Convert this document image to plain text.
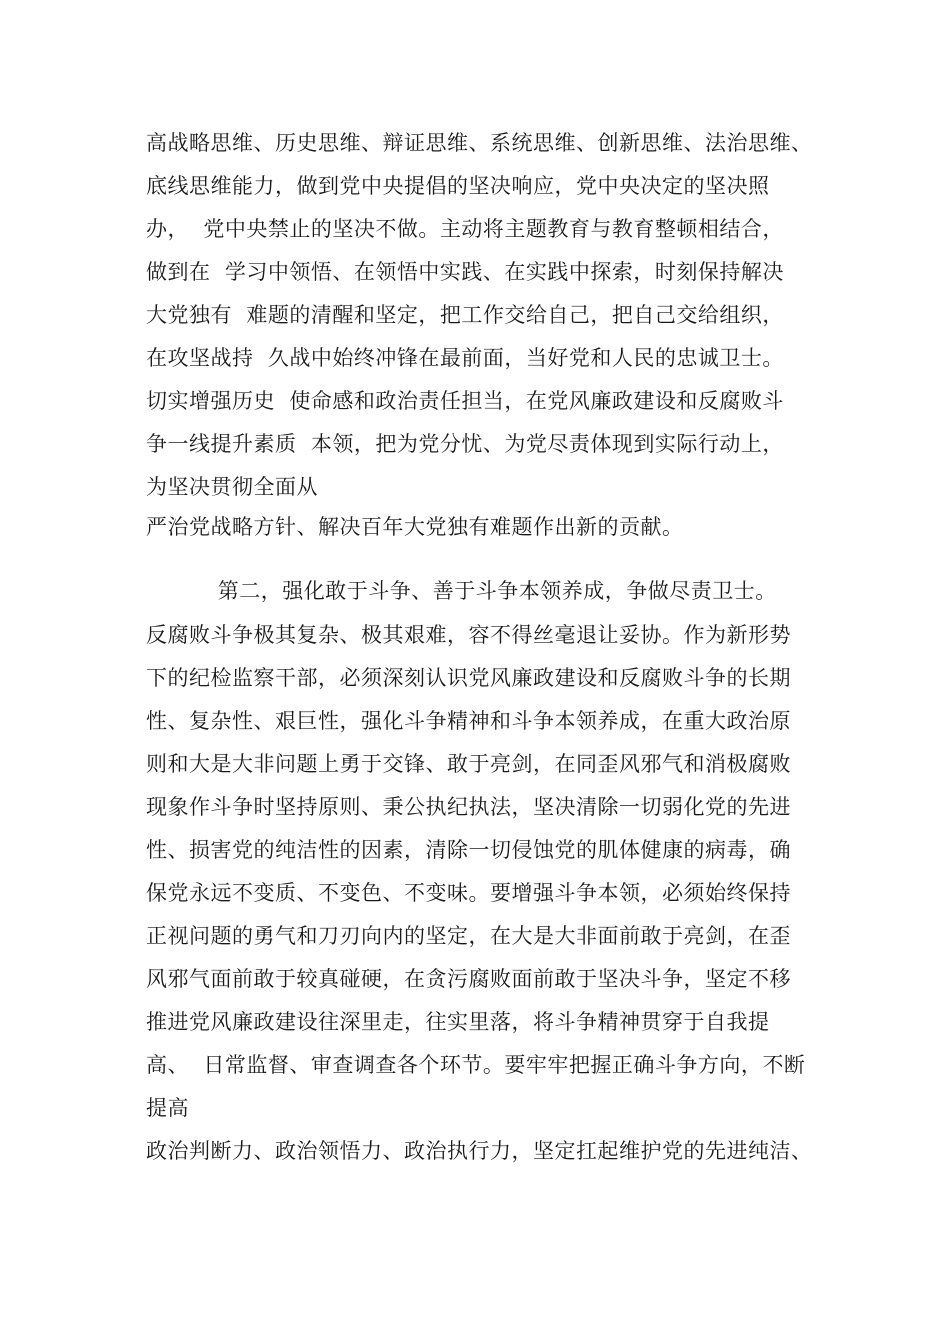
高战略思维、历史思维、辩证思维、系统思维、创新思维、法治思维、
底线思维能力，做到党中央提倡的坚决响应，党中央决定的坚决照
办，  党中央禁止的坚决不做。主动将主题教育与教育整顿相结合，
做到在  学习中领悟、在领悟中实践、在实践中探索，时刻保持解决
大党独有  难题的清醒和坚定，把工作交给自己，把自己交给组织，
在攻坚战持  久战中始终冲锋在最前面，当好党和人民的忠诚卫士。
切实增强历史  使命感和政治责任担当，在党风廉政建设和反腐败斗
争一线提升素质  本领，把为党分忧、为党尽责体现到实际行动上，
为坚决贯彻全面从
严治党战略方针、解决百年大党独有难题作出新的贡献。
第二，强化敢于斗争、善于斗争本领养成，争做尽责卫士。
反腐败斗争极其复杂、极其艰难，容不得丝毫退让妥协。作为新形势
下的纪检监察干部，必须深刻认识党风廉政建设和反腐败斗争的长期
性、复杂性、艰巨性，强化斗争精神和斗争本领养成，在重大政治原
则和大是大非问题上勇于交锋、敢于亮剑，在同歪风邪气和消极腐败
现象作斗争时坚持原则、秉公执纪执法，坚决清除一切弱化党的先进
性、损害党的纯洁性的因素，清除一切侵蚀党的肌体健康的病毒，确
保党永远不变质、不变色、不变味。要增强斗争本领，必须始终保持
正视问题的勇气和刀刃向内的坚定，在大是大非面前敢于亮剑，在歪
风邪气面前敢于较真碰硬，在贪污腐败面前敢于坚决斗争，坚定不移
推进党风廉政建设往深里走，往实里落，将斗争精神贯穿于自我提
高、  日常监督、审查调查各个环节。要牢牢把握正确斗争方向，不断
提高
政治判断力、政治领悟力、政治执行力，坚定扛起维护党的先进纯洁、
